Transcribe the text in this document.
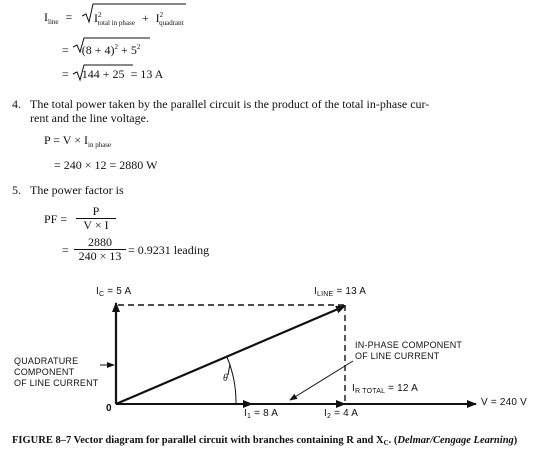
$I_{line} = I^2_{total in phase} + I^2_{quadrant}$
= $(8 + 4)^2 + 5^2$
= 144 + 25 = 13 A
4. The total power taken by the parallel circuit is the product of the total in-phase cur-
rent and the line voltage.
$P = V \times I_{in phase}$
= 240 × 12 = 2880 W
5. The power factor is
PF = $\frac{P}{V \times I}$
= $\frac{2880}{240 \times 13} = 0.9231$ leading
$I_C = 5$ A	$I_{LINE} = 13$ A
QUADRATURE
COMPONENT
OF LINE CURRENT
IN-PHASE COMPONENT
OF LINE CURRENT
$I_{R TOTAL} = 12$ A
θ
0	$I_1 = 8$ A	$I_2 = 4$ A
V = 240 V
FIGURE 8–7 Vector diagram for parallel circuit with branches containing R and XC. (Delmar/Cengage Learning)
